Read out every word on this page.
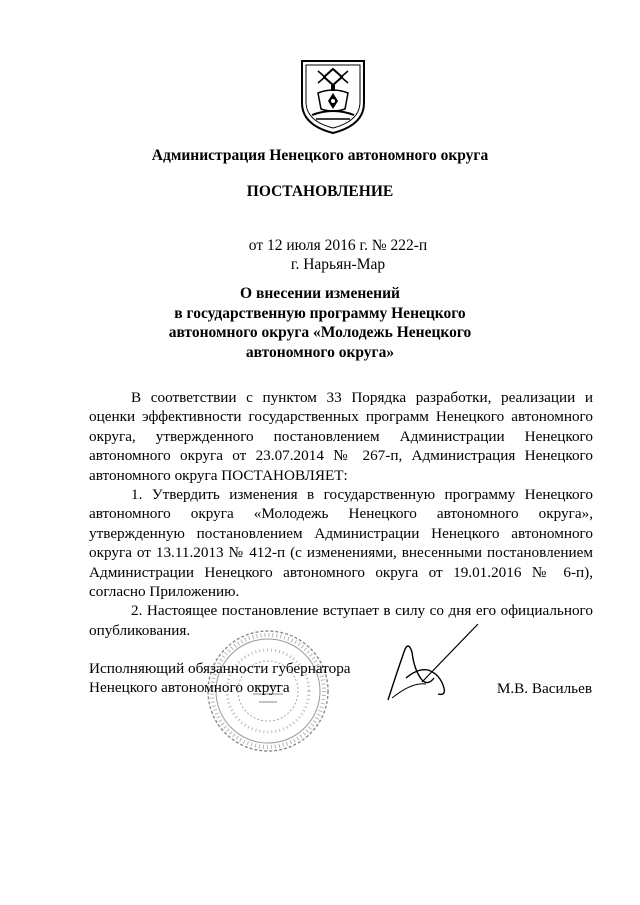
Администрация Ненецкого автономного округа
ПОСТАНОВЛЕНИЕ
от 12 июля 2016 г. № 222-п
г. Нарьян-Мар
О внесении изменений
в государственную программу Ненецкого
автономного округа «Молодежь Ненецкого
автономного округа»

В соответствии с пунктом 33 Порядка разработки, реализации и оценки эффективности государственных программ Ненецкого автономного округа, утвержденного постановлением Администрации Ненецкого автономного округа от 23.07.2014 № 267-п, Администрация Ненецкого автономного округа ПОСТАНОВЛЯЕТ:

1. Утвердить изменения в государственную программу Ненецкого автономного округа «Молодежь Ненецкого автономного округа», утвержденную постановлением Администрации Ненецкого автономного округа от 13.11.2013 № 412-п (с изменениями, внесенными постановлением Администрации Ненецкого автономного округа от 19.01.2016 № 6-п), согласно Приложению.

2. Настоящее постановление вступает в силу со дня его официального опубликования.

Исполняющий обязанности губернатора
Ненецкого автономного округа	М.В. Васильев
